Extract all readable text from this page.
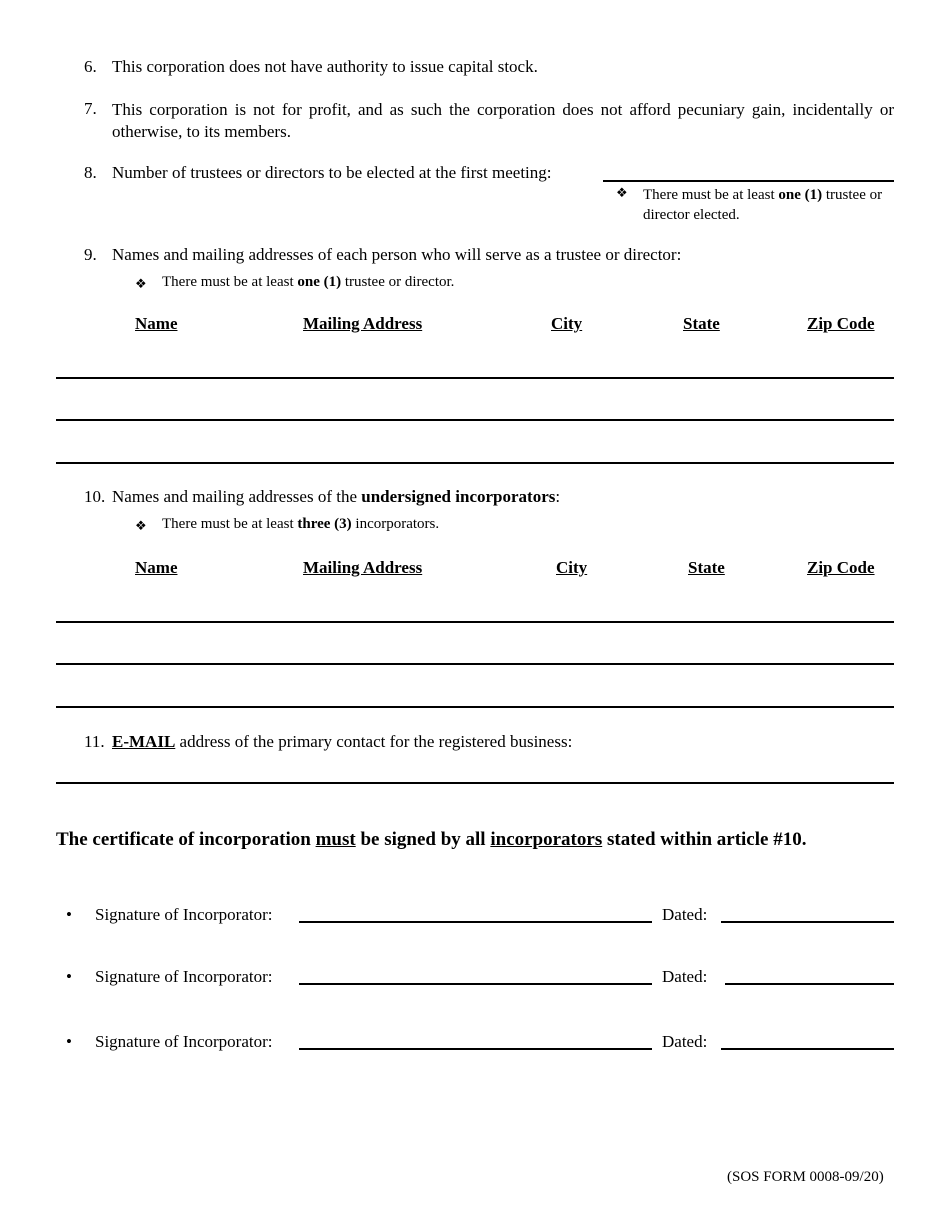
6. This corporation does not have authority to issue capital stock.
7. This corporation is not for profit, and as such the corporation does not afford pecuniary gain, incidentally or otherwise, to its members.
8. Number of trustees or directors to be elected at the first meeting:
❖ There must be at least one (1) trustee or director elected.
9. Names and mailing addresses of each person who will serve as a trustee or director:
❖ There must be at least one (1) trustee or director.
Name	Mailing Address	City	State	Zip Code
10. Names and mailing addresses of the undersigned incorporators:
❖ There must be at least three (3) incorporators.
Name	Mailing Address	City	State	Zip Code
11. E-MAIL address of the primary contact for the registered business:
The certificate of incorporation must be signed by all incorporators stated within article #10.
• Signature of Incorporator:	Dated:
• Signature of Incorporator:	Dated:
• Signature of Incorporator:	Dated:
(SOS FORM 0008-09/20)
